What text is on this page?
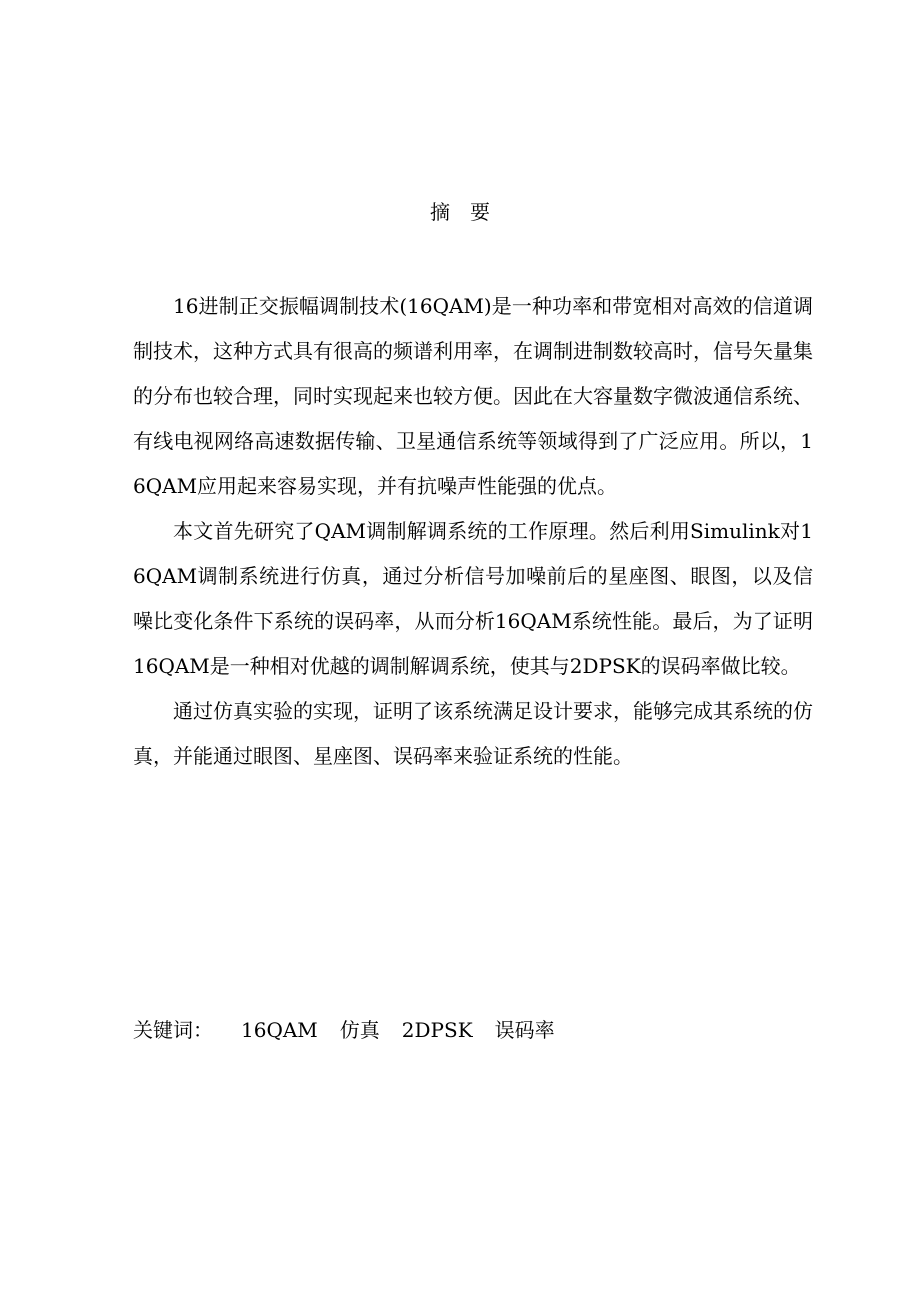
摘　要

16进制正交振幅调制技术(16QAM)是一种功率和带宽相对高效的信道调制技术，这种方式具有很高的频谱利用率，在调制进制数较高时，信号矢量集的分布也较合理，同时实现起来也较方便。因此在大容量数字微波通信系统、有线电视网络高速数据传输、卫星通信系统等领域得到了广泛应用。所以，16QAM应用起来容易实现，并有抗噪声性能强的优点。

本文首先研究了QAM调制解调系统的工作原理。然后利用Simulink对16QAM调制系统进行仿真，通过分析信号加噪前后的星座图、眼图，以及信噪比变化条件下系统的误码率，从而分析16QAM系统性能。最后，为了证明16QAM是一种相对优越的调制解调系统，使其与2DPSK的误码率做比较。

通过仿真实验的实现，证明了该系统满足设计要求，能够完成其系统的仿真，并能通过眼图、星座图、误码率来验证系统的性能。

关键词： 16QAM 仿真 2DPSK 误码率
